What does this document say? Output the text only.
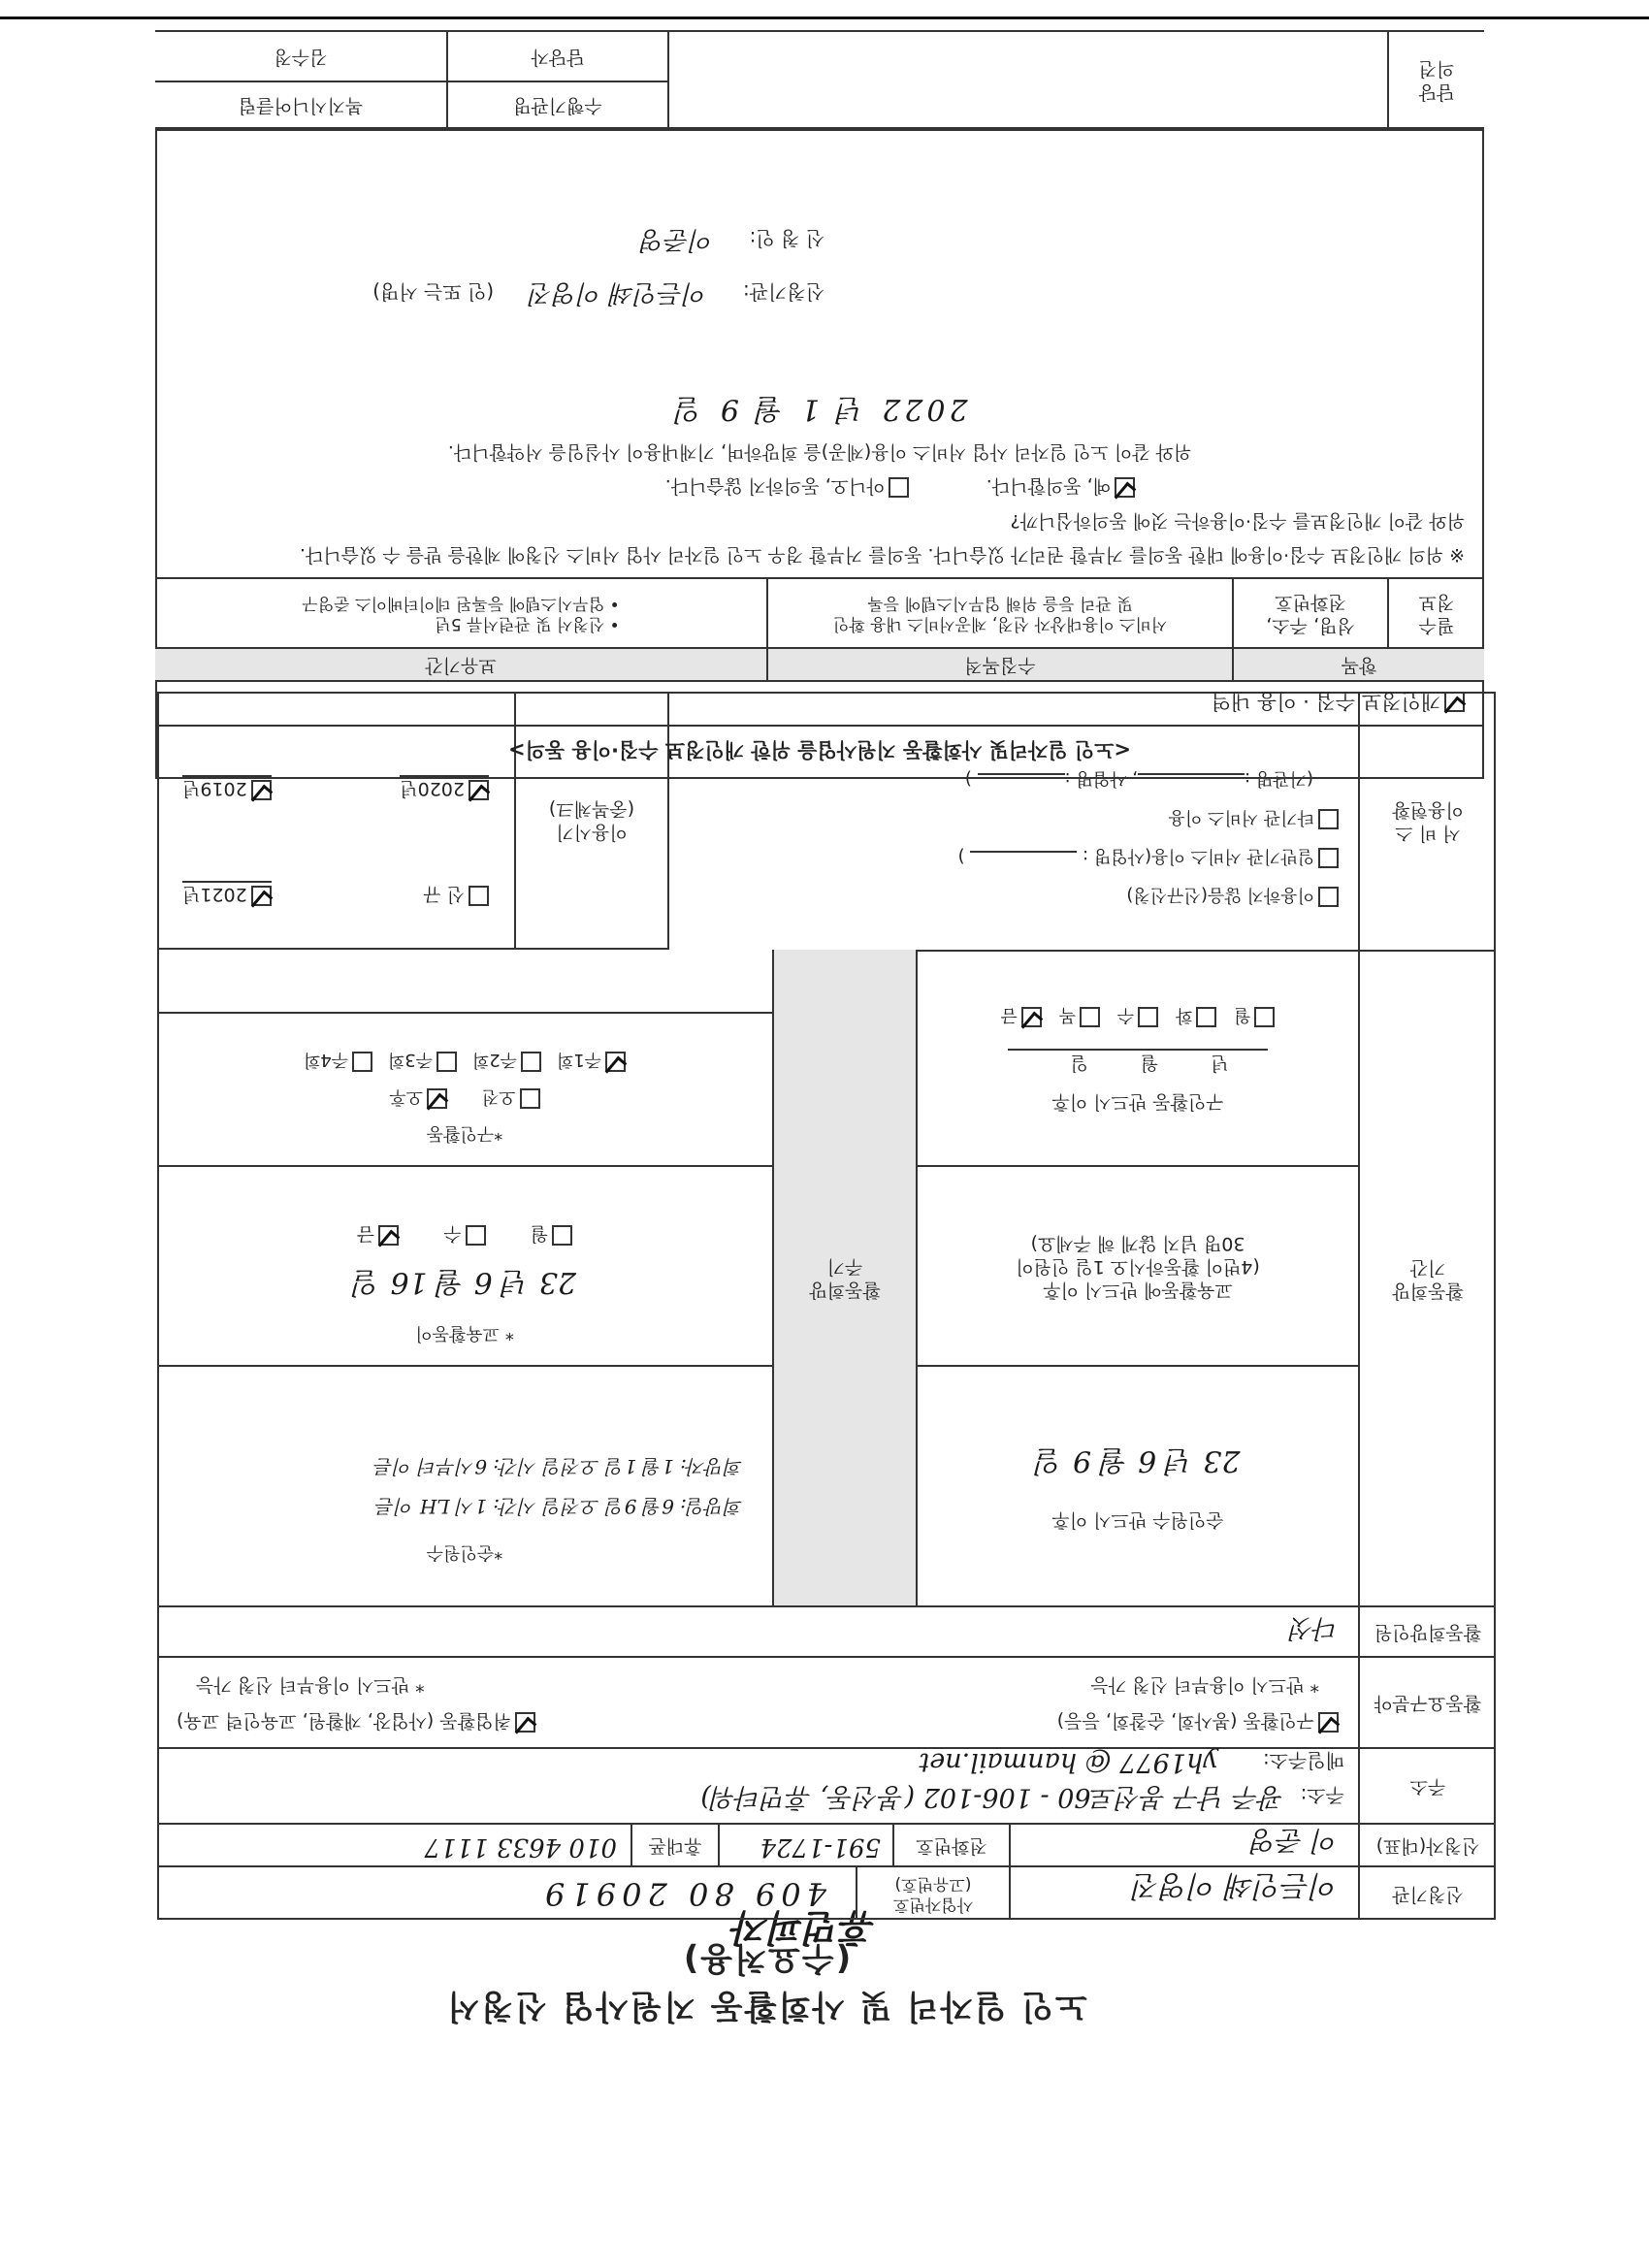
노인 일자리 및 사회활동 지원사업 신청서(수요처용)
휴먼피자
신청기관
이든인쇄 이영진
사업자번호
(고유번호)
409 80 20919
신청자(대표)
이 준영
전화번호
591-1724
휴대폰
010 4633 1117
주소
주소: 광주 남구 봉선로60 - 106-102 (봉선동, 휴먼타워)
메일주소: yh1977 @ hanmail.net
활동요구분야
구인활동 (봉사회, 순찰회, 등등)
취업활동 (사업장, 재활원, 교육인력 교육)
* 반드시 이용부터 신청 가능
* 반드시 이용부터 신청 가능
활동희망인원
다섯
활동희망
기간
순인원수 반드시 이후
23 년 6 월 9 일
활동희망
주기
*순인원수
희망일: 6월 9일 오전일 시간: 1시 LH 이른
희망자: 1월 1일 오전일 시간: 6시부터 이른
교육활동에 반드시 이후
(4번이 활동하시오 1일 인원이
30명 넘지 않게 해 주세요)
* 교육활동이
23 년 6 월 16 일
월 수 금
구인활동 반드시 이후
년 월 일
월 화 수 목 금
*구인활동
오전 오후
주1회 주2회 주3회 주4회
서 비 스
이용현황
이용하지 않음(신규신청)
일반기관 서비스 이용(사업명 :  )
타기관 서비스 이용
(기관명 :, 사업명 : )
이용시기
(중복체크)
신 규
2021년
2020년
2019년
<노인 일자리및 사회활동 지원사업을 위한 개인정보 수집·이용 동의>
개인정보 수집 · 이용 내역
항목
수집목적
보유기간
필수
정보
성명, 주소,
전화번호
서비스 이용대상자 선정, 제공서비스 내용 확인
및 관리 등을 위해 업무시스템에 등록
• 신청서 및 관련서류 5년
• 업무시스템에 등록된 데이터베이스 준영구
※ 위의 개인정보 수집·이용에 대한 동의를 거부할 권리가 있습니다. 동의를 거부할 경우 노인 일자리 사업 서비스 신청에 제한을 받을 수 있습니다.
위와 같이 개인정보를 수집·이용하는 것에 동의하십니까?
예, 동의합니다.
아니오, 동의하지 않습니다.
위와 같이 노인 일자리 사업 서비스 이용(제공)을 희망하며, 기재내용이 사실임을 서약합니다.
2022 년 1 월 9 일
신청기관: 이든인쇄 이영진 (인 또는 서명)
신 청 인: 이준영
담당
의견
수행기관명
복지시니어클럽
담당자
김수정
